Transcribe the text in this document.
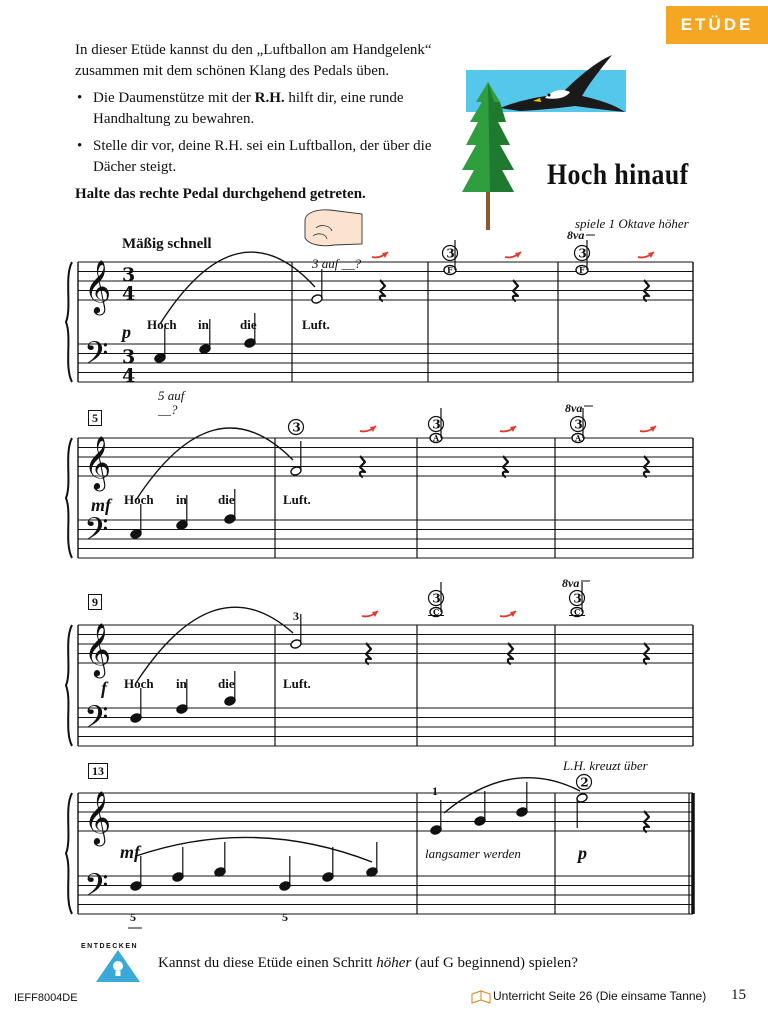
ETÜDE

In dieser Etüde kannst du den „Luftballon am Handgelenk“ zusammen mit dem schönen Klang des Pedals üben.

• Die Daumenstütze mit der R.H. hilft dir, eine runde Handhaltung zu bewahren.

• Stelle dir vor, deine R.H. sei ein Luftballon, der über die Dächer steigt.

Halte das rechte Pedal durchgehend getreten.

Hoch hinauf
spiele 1 Oktave höher
Mäßig schnell
𝄞
𝄢
3
4
3
4
3
F
3
F
𝄞
𝄢
3	3
A
3
A
𝄞
𝄢
3
C
3
C
𝄞
𝄢
2
3 auf __?
5 auf
__?
p Hoch in die	Luft.
8va
5
mf Hoch in die	Luft.
8va
9
f Hoch in die	Luft.
3
8va
13
mf	p
langsamer werden
L.H. kreuzt über
1
5	5
ENTDECKEN
Kannst du diese Etüde einen Schritt höher (auf G beginnend) spielen?
IEFF8004DE	Unterricht Seite 26 (Die einsame Tanne) 15
